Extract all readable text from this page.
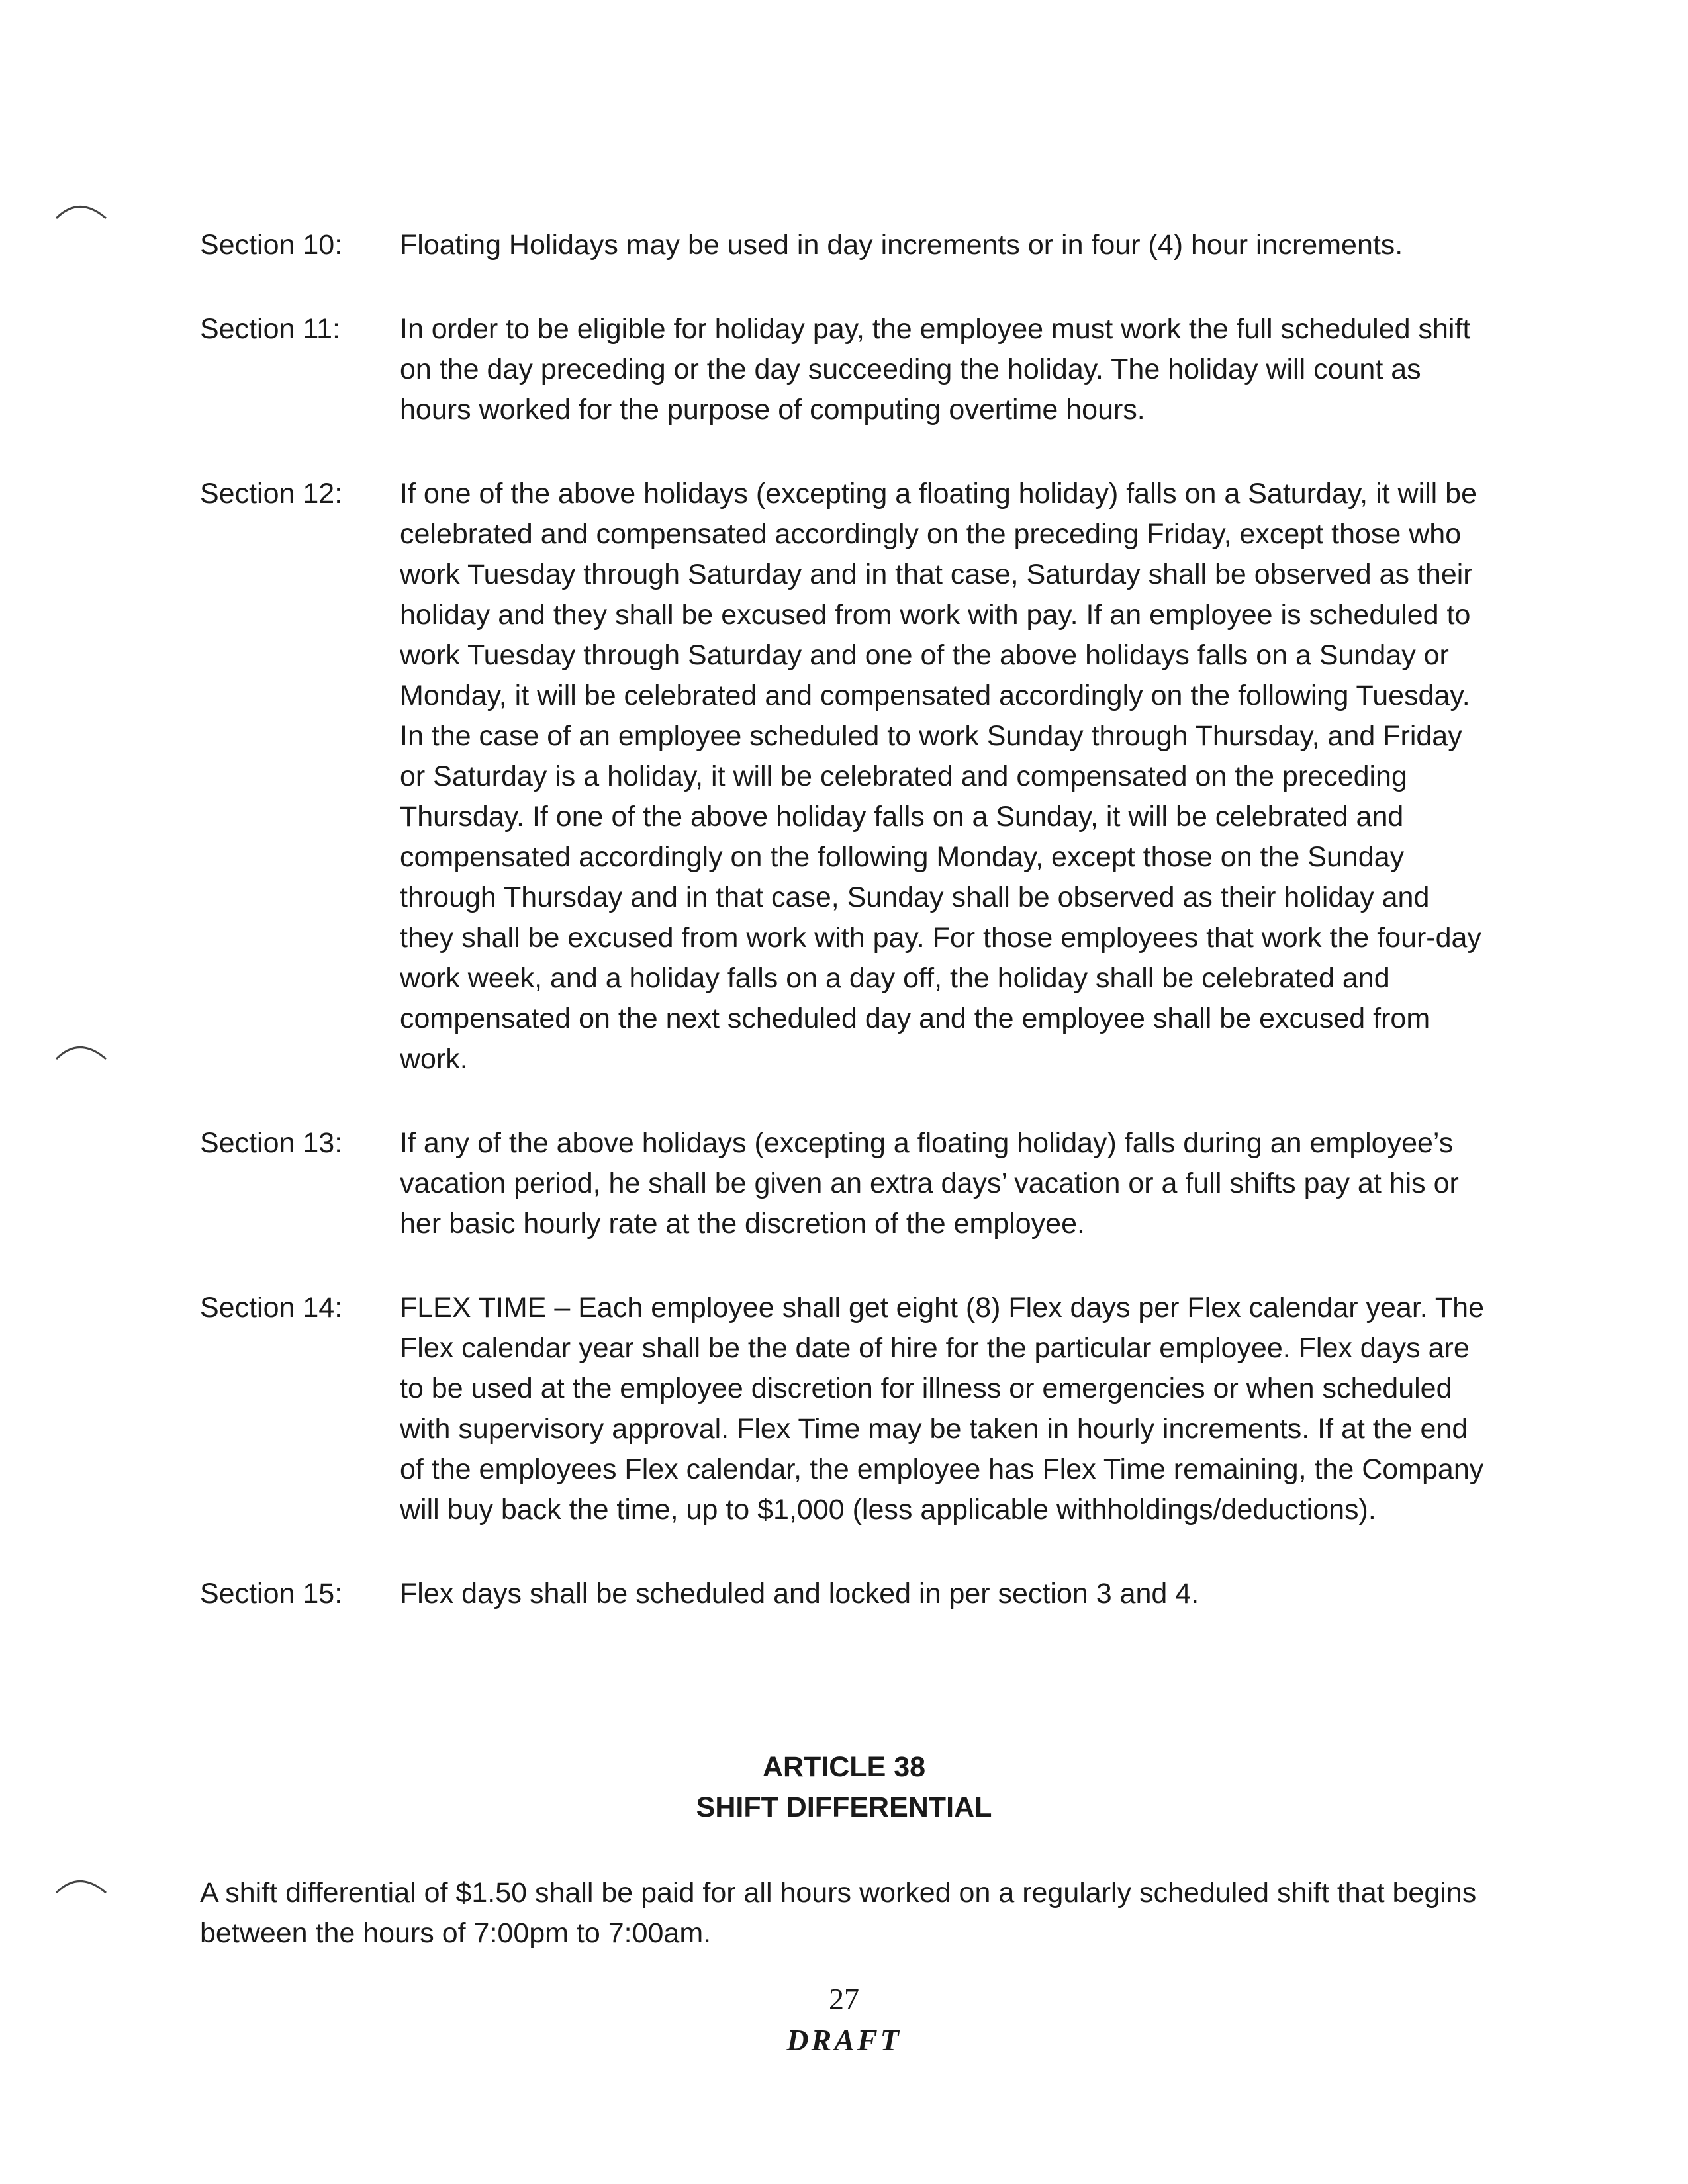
Section 10:	Floating Holidays may be used in day increments or in four (4) hour increments.
Section 11:	In order to be eligible for holiday pay, the employee must work the full scheduled shift on the day preceding or the day succeeding the holiday. The holiday will count as hours worked for the purpose of computing overtime hours.
Section 12:	If one of the above holidays (excepting a floating holiday) falls on a Saturday, it will be celebrated and compensated accordingly on the preceding Friday, except those who work Tuesday through Saturday and in that case, Saturday shall be observed as their holiday and they shall be excused from work with pay. If an employee is scheduled to work Tuesday through Saturday and one of the above holidays falls on a Sunday or Monday, it will be celebrated and compensated accordingly on the following Tuesday. In the case of an employee scheduled to work Sunday through Thursday, and Friday or Saturday is a holiday, it will be celebrated and compensated on the preceding Thursday. If one of the above holiday falls on a Sunday, it will be celebrated and compensated accordingly on the following Monday, except those on the Sunday through Thursday and in that case, Sunday shall be observed as their holiday and they shall be excused from work with pay. For those employees that work the four-day work week, and a holiday falls on a day off, the holiday shall be celebrated and compensated on the next scheduled day and the employee shall be excused from work.
Section 13:	If any of the above holidays (excepting a floating holiday) falls during an employee’s vacation period, he shall be given an extra days’ vacation or a full shifts pay at his or her basic hourly rate at the discretion of the employee.
Section 14:	FLEX TIME – Each employee shall get eight (8) Flex days per Flex calendar year. The Flex calendar year shall be the date of hire for the particular employee. Flex days are to be used at the employee discretion for illness or emergencies or when scheduled with supervisory approval. Flex Time may be taken in hourly increments. If at the end of the employees Flex calendar, the employee has Flex Time remaining, the Company will buy back the time, up to $1,000 (less applicable withholdings/deductions).
Section 15:	Flex days shall be scheduled and locked in per section 3 and 4.
ARTICLE 38
SHIFT DIFFERENTIAL
A shift differential of $1.50 shall be paid for all hours worked on a regularly scheduled shift that begins between the hours of 7:00pm to 7:00am.
27
DRAFT
